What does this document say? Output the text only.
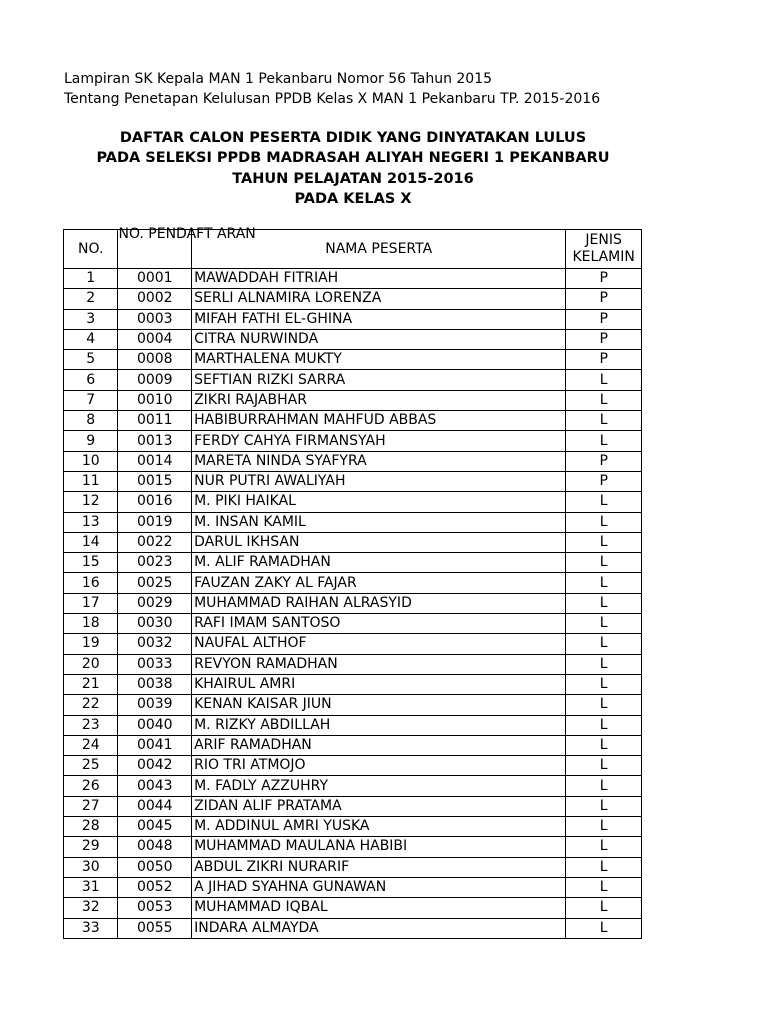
Lampiran SK Kepala MAN 1 Pekanbaru Nomor 56 Tahun 2015
Tentang Penetapan Kelulusan PPDB Kelas X MAN 1 Pekanbaru TP. 2015-2016
DAFTAR CALON PESERTA DIDIK YANG DINYATAKAN LULUS
PADA SELEKSI PPDB MADRASAH ALIYAH NEGERI 1 PEKANBARU
TAHUN PELAJATAN 2015-2016
PADA KELAS X
NO.	NO. PENDAFT ARAN	NAMA PESERTA	JENIS KELAMIN

1	0001	MAWADDAH FITRIAH	P
2	0002	SERLI ALNAMIRA LORENZA	P
3	0003	MIFAH FATHI EL-GHINA	P
4	0004	CITRA NURWINDA	P
5	0008	MARTHALENA MUKTY	P
6	0009	SEFTIAN RIZKI SARRA	L
7	0010	ZIKRI RAJABHAR	L
8	0011	HABIBURRAHMAN MAHFUD ABBAS	L
9	0013	FERDY CAHYA FIRMANSYAH	L
10	0014	MARETA NINDA SYAFYRA	P
11	0015	NUR PUTRI AWALIYAH	P
12	0016	M. PIKI HAIKAL	L
13	0019	M. INSAN KAMIL	L
14	0022	DARUL IKHSAN	L
15	0023	M. ALIF RAMADHAN	L
16	0025	FAUZAN ZAKY AL FAJAR	L
17	0029	MUHAMMAD RAIHAN ALRASYID	L
18	0030	RAFI IMAM SANTOSO	L
19	0032	NAUFAL ALTHOF	L
20	0033	REVYON RAMADHAN	L
21	0038	KHAIRUL AMRI	L
22	0039	KENAN KAISAR JIUN	L
23	0040	M. RIZKY ABDILLAH	L
24	0041	ARIF RAMADHAN	L
25	0042	RIO TRI ATMOJO	L
26	0043	M. FADLY AZZUHRY	L
27	0044	ZIDAN ALIF PRATAMA	L
28	0045	M. ADDINUL AMRI YUSKA	L
29	0048	MUHAMMAD MAULANA HABIBI	L
30	0050	ABDUL ZIKRI NURARIF	L
31	0052	A JIHAD SYAHNA GUNAWAN	L
32	0053	MUHAMMAD IQBAL	L
33	0055	INDARA ALMAYDA	L
